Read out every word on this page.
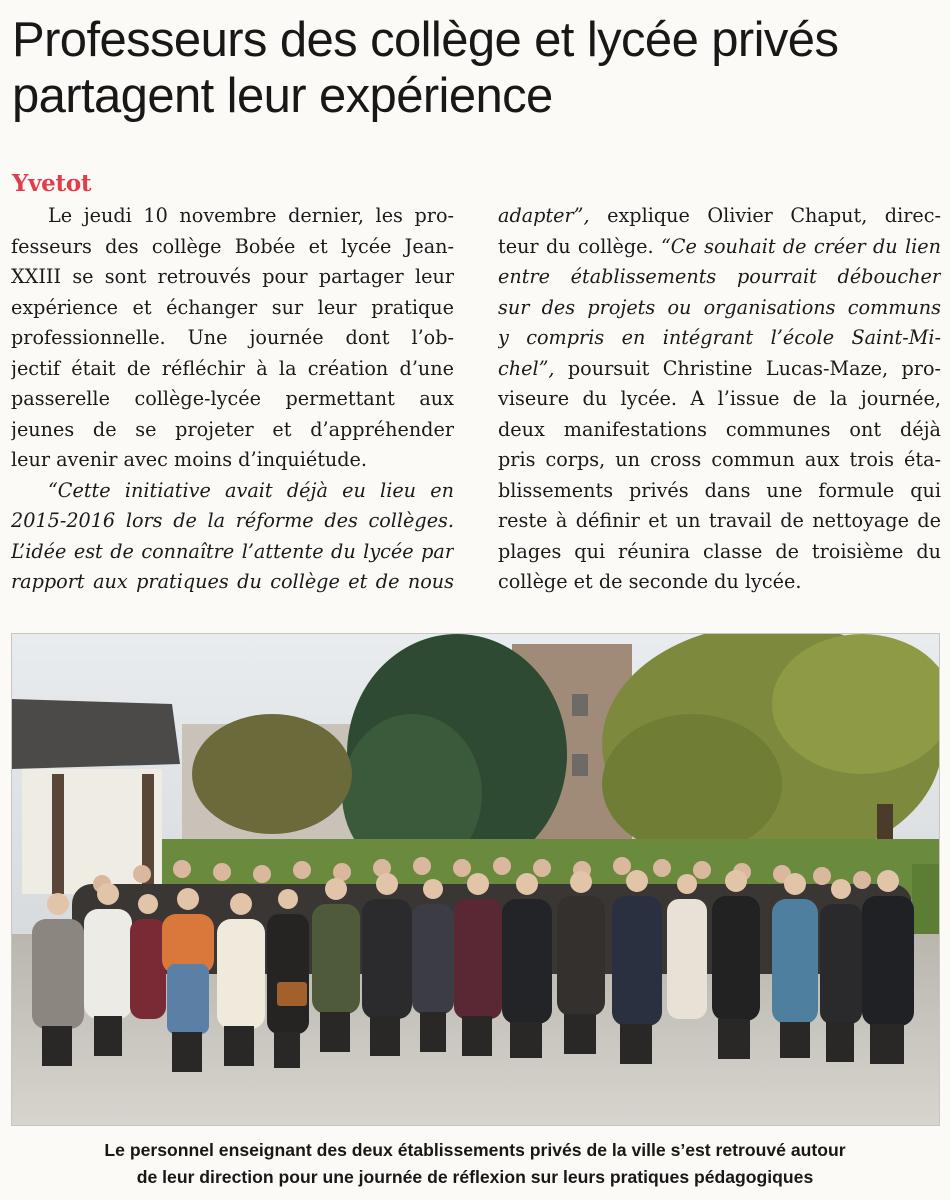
Professeurs des collège et lycée privés
partagent leur expérience
Yvetot
Le jeudi 10 novembre dernier, les pro-
fesseurs des collège Bobée et lycée Jean-
XXIII se sont retrouvés pour partager leur
expérience et échanger sur leur pratique
professionnelle. Une journée dont l’ob-
jectif était de réfléchir à la création d’une
passerelle collège-lycée permettant aux
jeunes de se projeter et d’appréhender
leur avenir avec moins d’inquiétude.
“Cette initiative avait déjà eu lieu en
2015-2016 lors de la réforme des collèges.
L’idée est de connaître l’attente du lycée par
rapport aux pratiques du collège et de nous
adapter”, explique Olivier Chaput, direc-
teur du collège. “Ce souhait de créer du lien
entre établissements pourrait déboucher
sur des projets ou organisations communs
y compris en intégrant l’école Saint-Mi-
chel”, poursuit Christine Lucas-Maze, pro-
viseure du lycée. A l’issue de la journée,
deux manifestations communes ont déjà
pris corps, un cross commun aux trois éta-
blissements privés dans une formule qui
reste à définir et un travail de nettoyage de
plages qui réunira classe de troisième du
collège et de seconde du lycée.
Le personnel enseignant des deux établissements privés de la ville s’est retrouvé autour
de leur direction pour une journée de réflexion sur leurs pratiques pédagogiques
